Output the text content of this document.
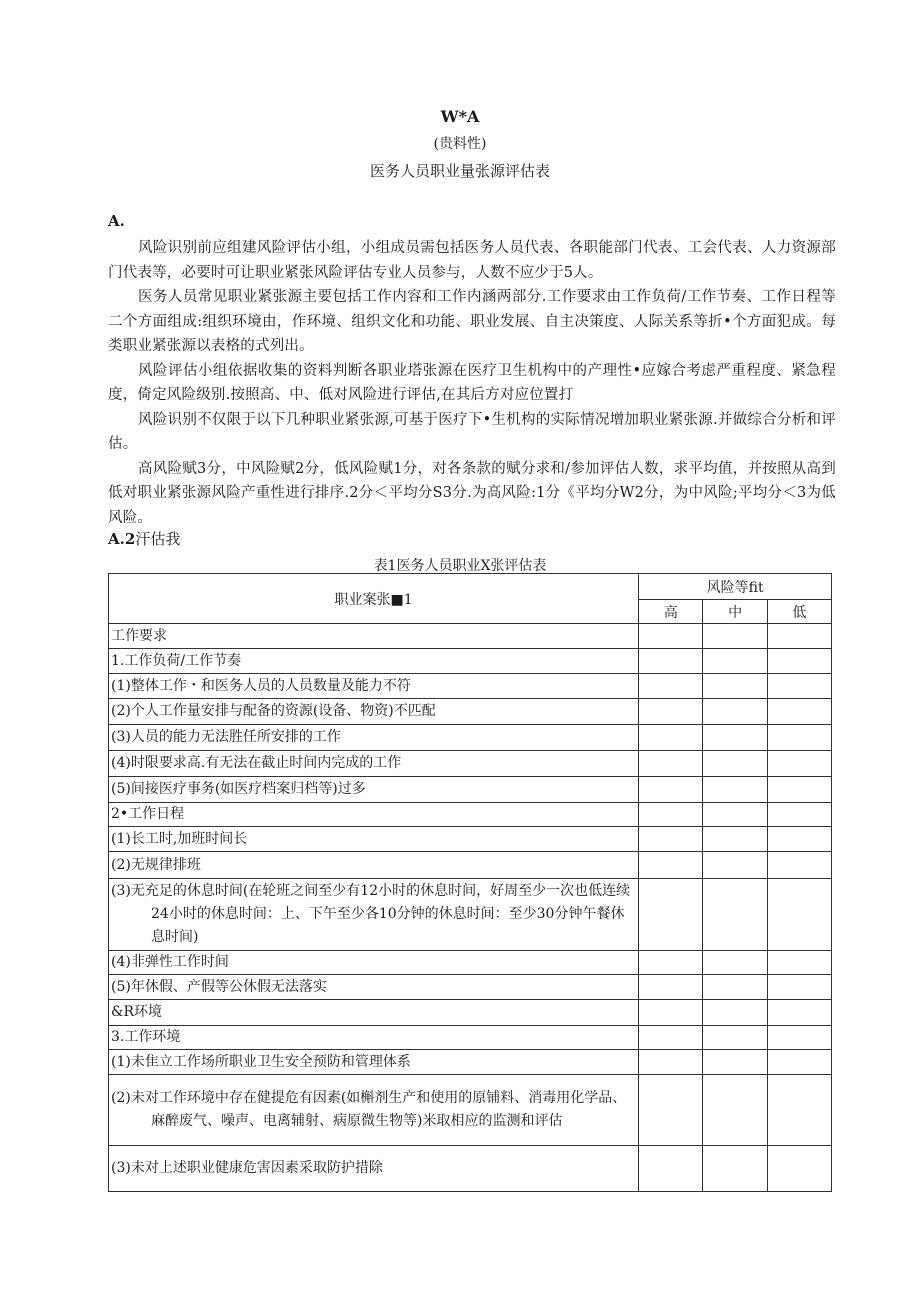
W*A
(贵料性)
医务人员职业量张源评估表
A.

风险识别前应组建风险评估小组，小组成员需包括医务人员代表、各职能部门代表、工会代表、人力资源部门代表等，必要时可让职业紧张风险评估专业人员参与，人数不应少于5人。

医务人员常见职业紧张源主要包括工作内容和工作内涵两部分.工作要求由工作负荷/工作节奏、工作日程等二个方面组成:组织环境由，作环境、组织文化和功能、职业发展、自主决策度、人际关系等折•个方面犯成。每类职业紧张源以表格的式列出。

风险评估小组依据收集的资料判断各职业塔张源在医疗卫生机构中的产理性•应嫁合考虑严重程度、紧急程度，倚定风险级别.按照高、中、低对风险进行评估,在其后方对应位置打

风险识别不仅限于以下几种职业紧张源,可基于医疗下•生机构的实际情况增加职业紧张源.并做综合分析和评估。

高风险赋3分，中风险赋2分，低风险赋1分，对各条款的赋分求和/参加评估人数，求平均值，并按照从高到低对职业紧张源风险产重性进行排序.2分＜平均分S3分.为高风险:1分《平均分W2分，为中风险;平均分＜3为低风险。

A.2汗估我
表1医务人员职业X张评估表
职业案张■1	风险等fit		
	高	中	低
工作要求			
1.工作负荷/工作节奏			
(1)整体工作・和医务人员的人员数量及能力不符			
(2)个人工作量安排与配备的资源(设备、物资)不匹配			
(3)人员的能力无法胜任所安排的工作			
(4)时限要求高.有无法在截止时间内完成的工作			
(5)间接医疗事务(如医疗档案归档等)过多			
2•工作日程			
(1)长工时,加班时间长			
(2)无规律排班			

(3)无充足的休息时间(在轮班之间至少有12小时的休息时间，好周至少一次也低连续24小时的休息时间：上、下午至少各10分钟的休息时间：至少30分钟午餐休息时间)			

(4)非弹性工作时间			
(5)年休假、产假等公休假无法落实			
&R环境			
3.工作环境			
(1)未隹立工作场所职业卫生安全预防和管理体系			

(2)未对工作环境中存在健提危有因素(如槲剂生产和使用的原铺料、消毒用化学品、麻醉废气、噪声、电离辅射、病原微生物等)米取相应的监测和评估			

(3)未对上述职业健康危害因素采取防护措除			
